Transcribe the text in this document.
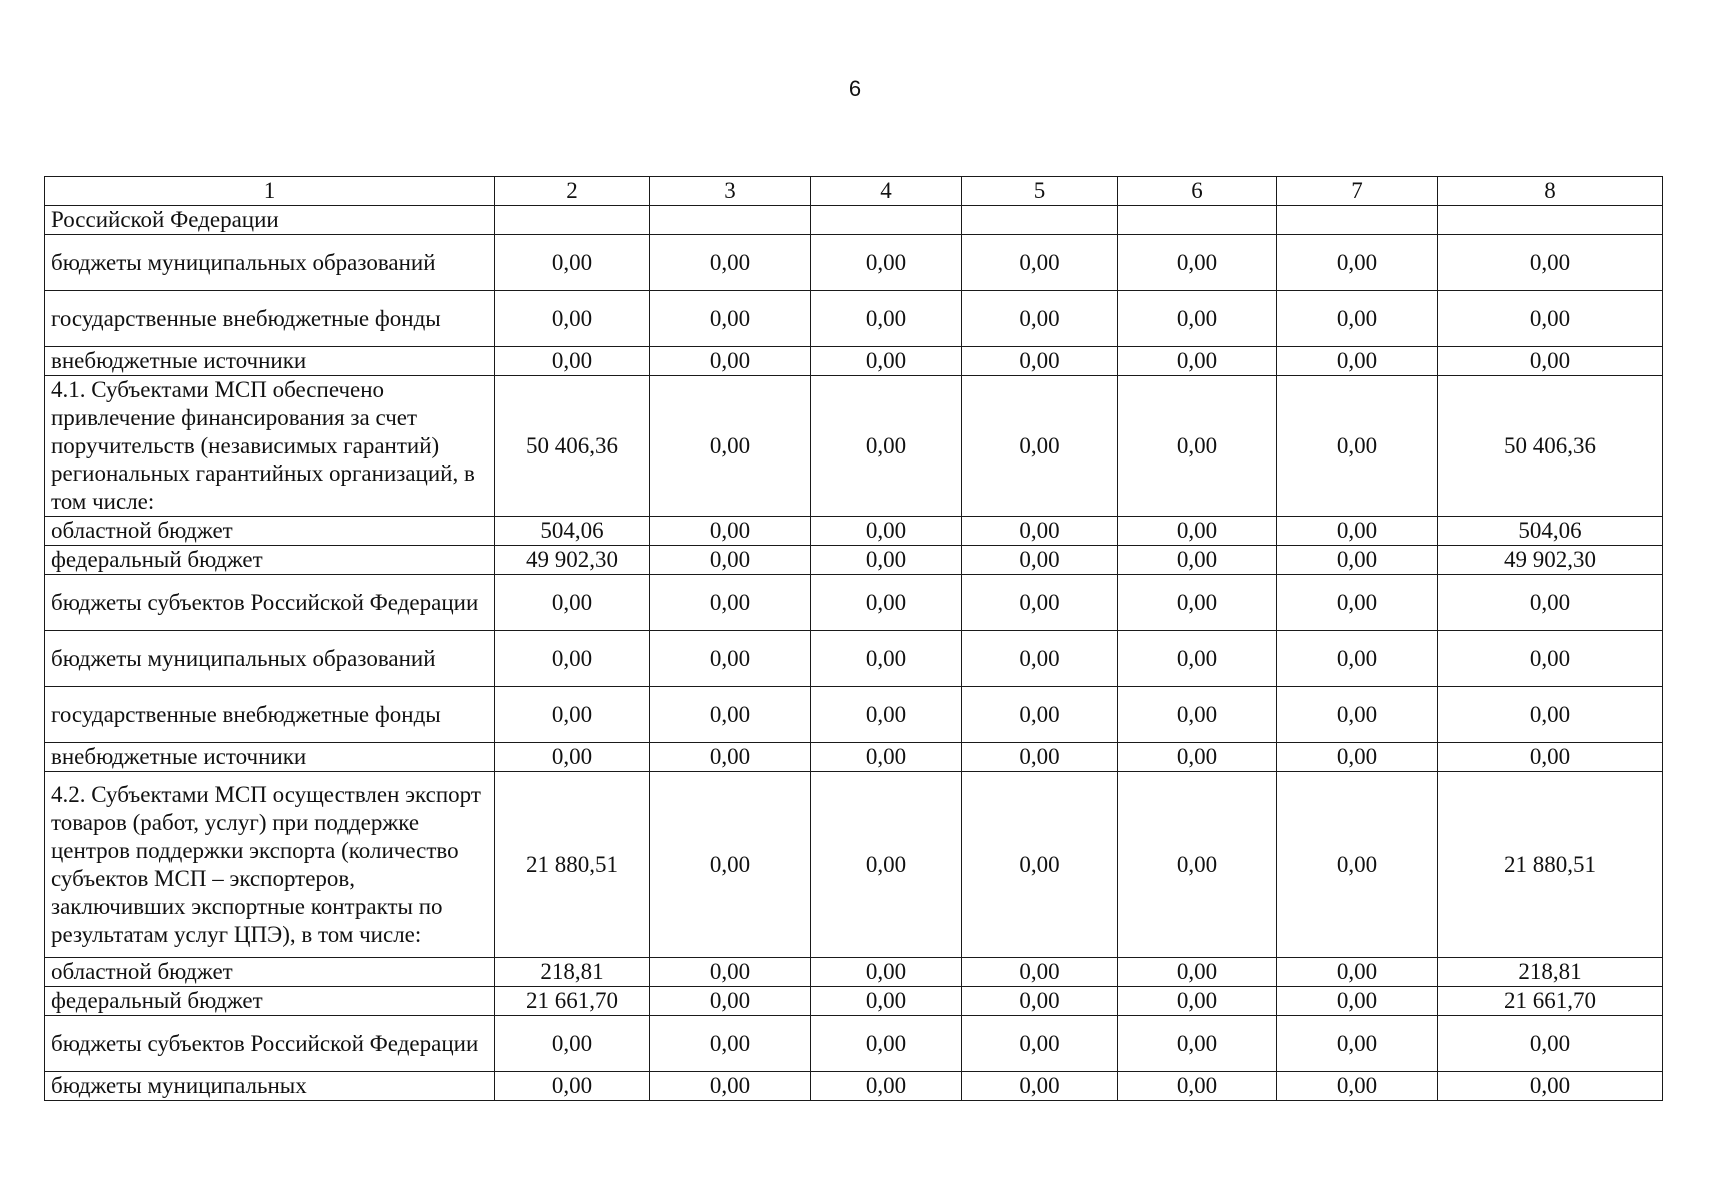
6
1	2	3	4	5	6	7	8
Российской Федерации							
бюджеты муниципальных образований	0,00	0,00	0,00	0,00	0,00	0,00	0,00
государственные внебюджетные фонды	0,00	0,00	0,00	0,00	0,00	0,00	0,00
внебюджетные источники	0,00	0,00	0,00	0,00	0,00	0,00	0,00
4.1. Субъектами МСП обеспечено привлечение финансирования за счет поручительств (независимых гарантий) региональных гарантийных организаций, в том числе:	50 406,36	0,00	0,00	0,00	0,00	0,00	50 406,36
областной бюджет	504,06	0,00	0,00	0,00	0,00	0,00	504,06
федеральный бюджет	49 902,30	0,00	0,00	0,00	0,00	0,00	49 902,30
бюджеты субъектов Российской Федерации	0,00	0,00	0,00	0,00	0,00	0,00	0,00
бюджеты муниципальных образований	0,00	0,00	0,00	0,00	0,00	0,00	0,00
государственные внебюджетные фонды	0,00	0,00	0,00	0,00	0,00	0,00	0,00
внебюджетные источники	0,00	0,00	0,00	0,00	0,00	0,00	0,00
4.2. Субъектами МСП осуществлен экспорт товаров (работ, услуг) при поддержке центров поддержки экспорта (количество субъектов МСП – экспортеров, заключивших экспортные контракты по результатам услуг ЦПЭ), в том числе:	21 880,51	0,00	0,00	0,00	0,00	0,00	21 880,51
областной бюджет	218,81	0,00	0,00	0,00	0,00	0,00	218,81
федеральный бюджет	21 661,70	0,00	0,00	0,00	0,00	0,00	21 661,70
бюджеты субъектов Российской Федерации	0,00	0,00	0,00	0,00	0,00	0,00	0,00
бюджеты муниципальных	0,00	0,00	0,00	0,00	0,00	0,00	0,00
